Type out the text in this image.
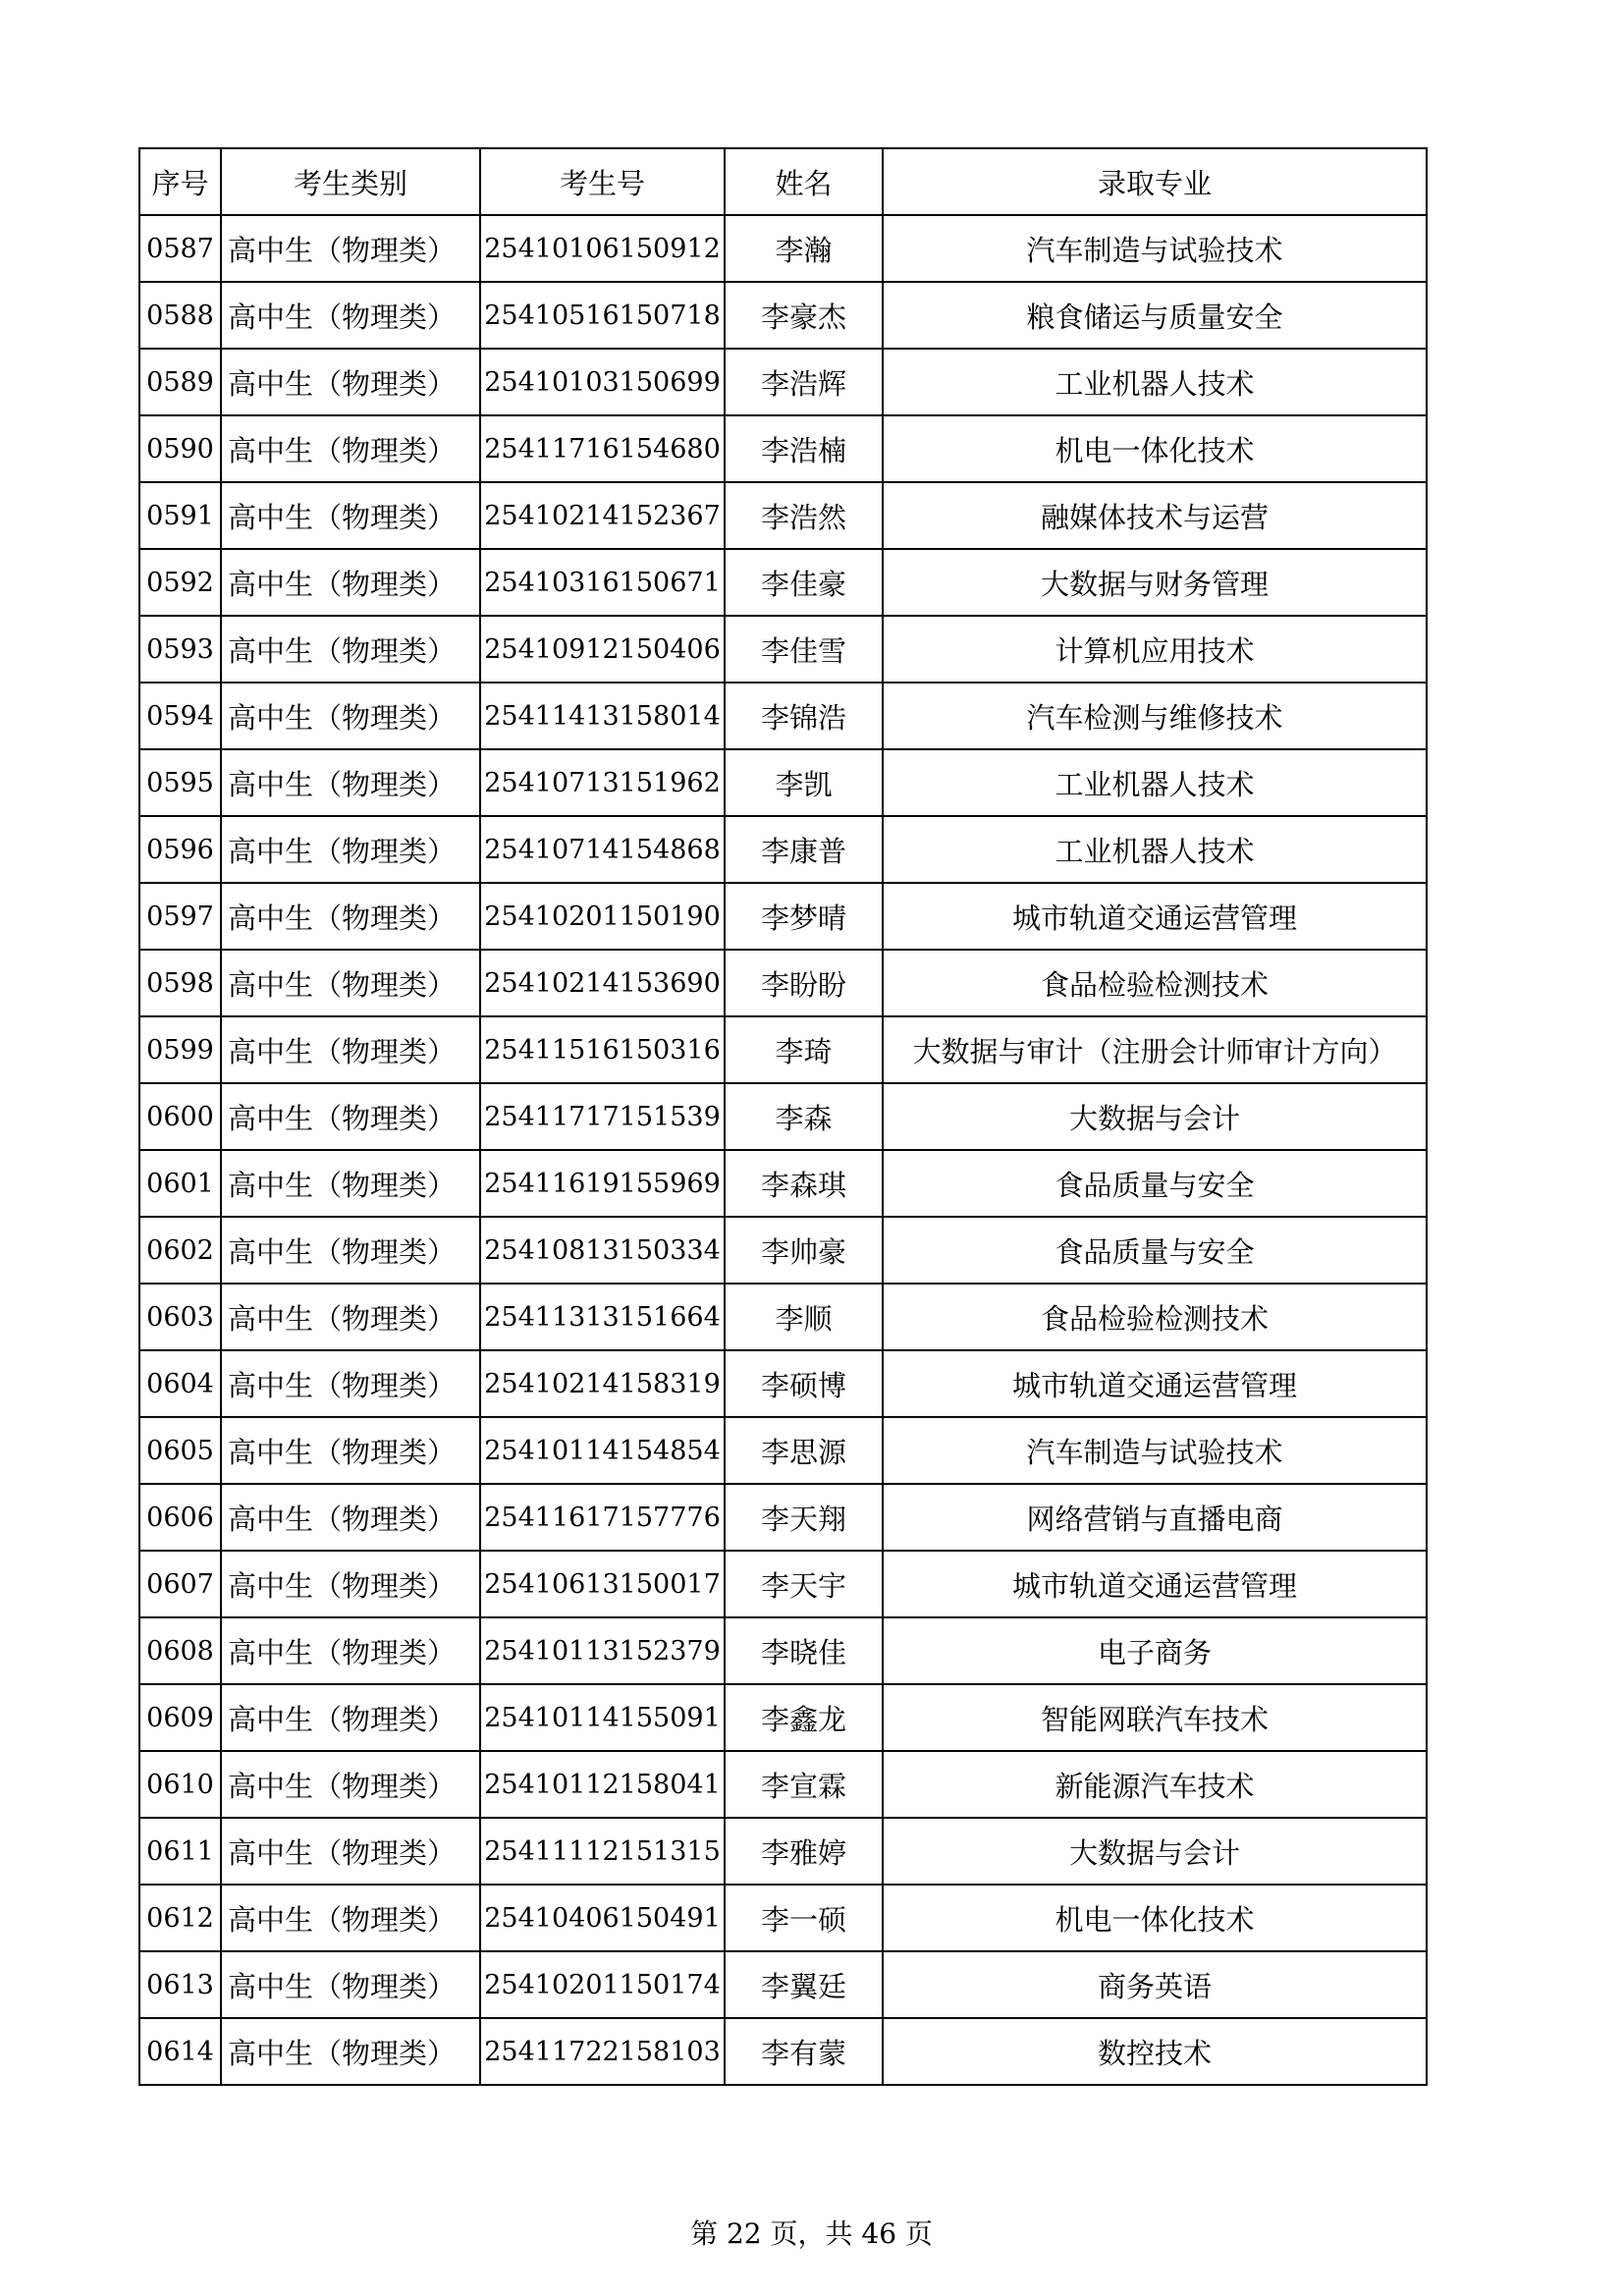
序号	考生类别	考生号	姓名	录取专业
0587	高中生（物理类）	25410106150912	李瀚	汽车制造与试验技术
0588	高中生（物理类）	25410516150718	李豪杰	粮食储运与质量安全
0589	高中生（物理类）	25410103150699	李浩辉	工业机器人技术
0590	高中生（物理类）	25411716154680	李浩楠	机电一体化技术
0591	高中生（物理类）	25410214152367	李浩然	融媒体技术与运营
0592	高中生（物理类）	25410316150671	李佳豪	大数据与财务管理
0593	高中生（物理类）	25410912150406	李佳雪	计算机应用技术
0594	高中生（物理类）	25411413158014	李锦浩	汽车检测与维修技术
0595	高中生（物理类）	25410713151962	李凯	工业机器人技术
0596	高中生（物理类）	25410714154868	李康普	工业机器人技术
0597	高中生（物理类）	25410201150190	李梦晴	城市轨道交通运营管理
0598	高中生（物理类）	25410214153690	李盼盼	食品检验检测技术
0599	高中生（物理类）	25411516150316	李琦	大数据与审计（注册会计师审计方向）
0600	高中生（物理类）	25411717151539	李森	大数据与会计
0601	高中生（物理类）	25411619155969	李森琪	食品质量与安全
0602	高中生（物理类）	25410813150334	李帅豪	食品质量与安全
0603	高中生（物理类）	25411313151664	李顺	食品检验检测技术
0604	高中生（物理类）	25410214158319	李硕博	城市轨道交通运营管理
0605	高中生（物理类）	25410114154854	李思源	汽车制造与试验技术
0606	高中生（物理类）	25411617157776	李天翔	网络营销与直播电商
0607	高中生（物理类）	25410613150017	李天宇	城市轨道交通运营管理
0608	高中生（物理类）	25410113152379	李晓佳	电子商务
0609	高中生（物理类）	25410114155091	李鑫龙	智能网联汽车技术
0610	高中生（物理类）	25410112158041	李宣霖	新能源汽车技术
0611	高中生（物理类）	25411112151315	李雅婷	大数据与会计
0612	高中生（物理类）	25410406150491	李一硕	机电一体化技术
0613	高中生（物理类）	25410201150174	李翼廷	商务英语
0614	高中生（物理类）	25411722158103	李有蒙	数控技术
第 22 页，共 46 页
